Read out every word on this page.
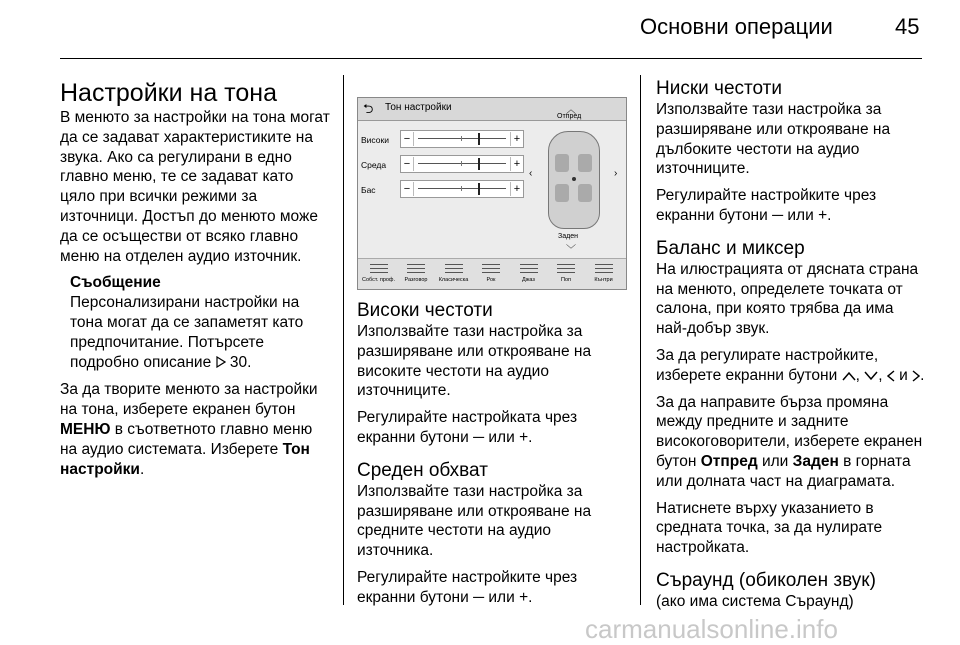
Основни операции	45
Настройки на тона

В менюто за настройки на тона могат да се задават характеристиките на звука. Ако са регулирани в едно главно меню, те се задават като цяло при всички режими за източници. Достъп до менюто може да се осъществи от всяко главно меню на отделен аудио източник.

Съобщение
Персонализирани настройки на тона могат да се запаметят като предпочитание. Потърсете подробно описание 30.

За да творите менюто за настройки на тона, изберете екранен бутон МЕНЮ в съответното главно меню на аудио системата. Изберете Тон настройки.

⮌ Тон настройки
Високи −	+
Среда −	+
Бас	−	+
︿
Отпред
‹	›
Заден
﹀
Собст. проф.	Разговор	Класическа	Рок	Джаз	Поп	Кънтри
Високи честоти

Използвайте тази настройка за разширяване или открояване на високите честоти на аудио източниците.

Регулирайте настройката чрез екранни бутони ─ или +.

Среден обхват

Използвайте тази настройка за разширяване или открояване на средните честоти на аудио източника.

Регулирайте настройките чрез екранни бутони ─ или +.

Ниски честоти

Използвайте тази настройка за разширяване или открояване на дълбоките честоти на аудио източниците.

Регулирайте настройките чрез екранни бутони ─ или +.

Баланс и миксер

На илюстрацията от дясната страна на менюто, определете точката от салона, при която трябва да има най-добър звук.

За да регулирате настройките, изберете екранни бутони , , и .

За да направите бърза промяна между предните и задните високоговорители, изберете екранен бутон Отпред или Заден в горната или долната част на диаграмата.

Натиснете върху указанието в средната точка, за да нулирате настройката.

Съраунд (обиколен звук)

(ако има система Съраунд)

carmanualsonline.info
